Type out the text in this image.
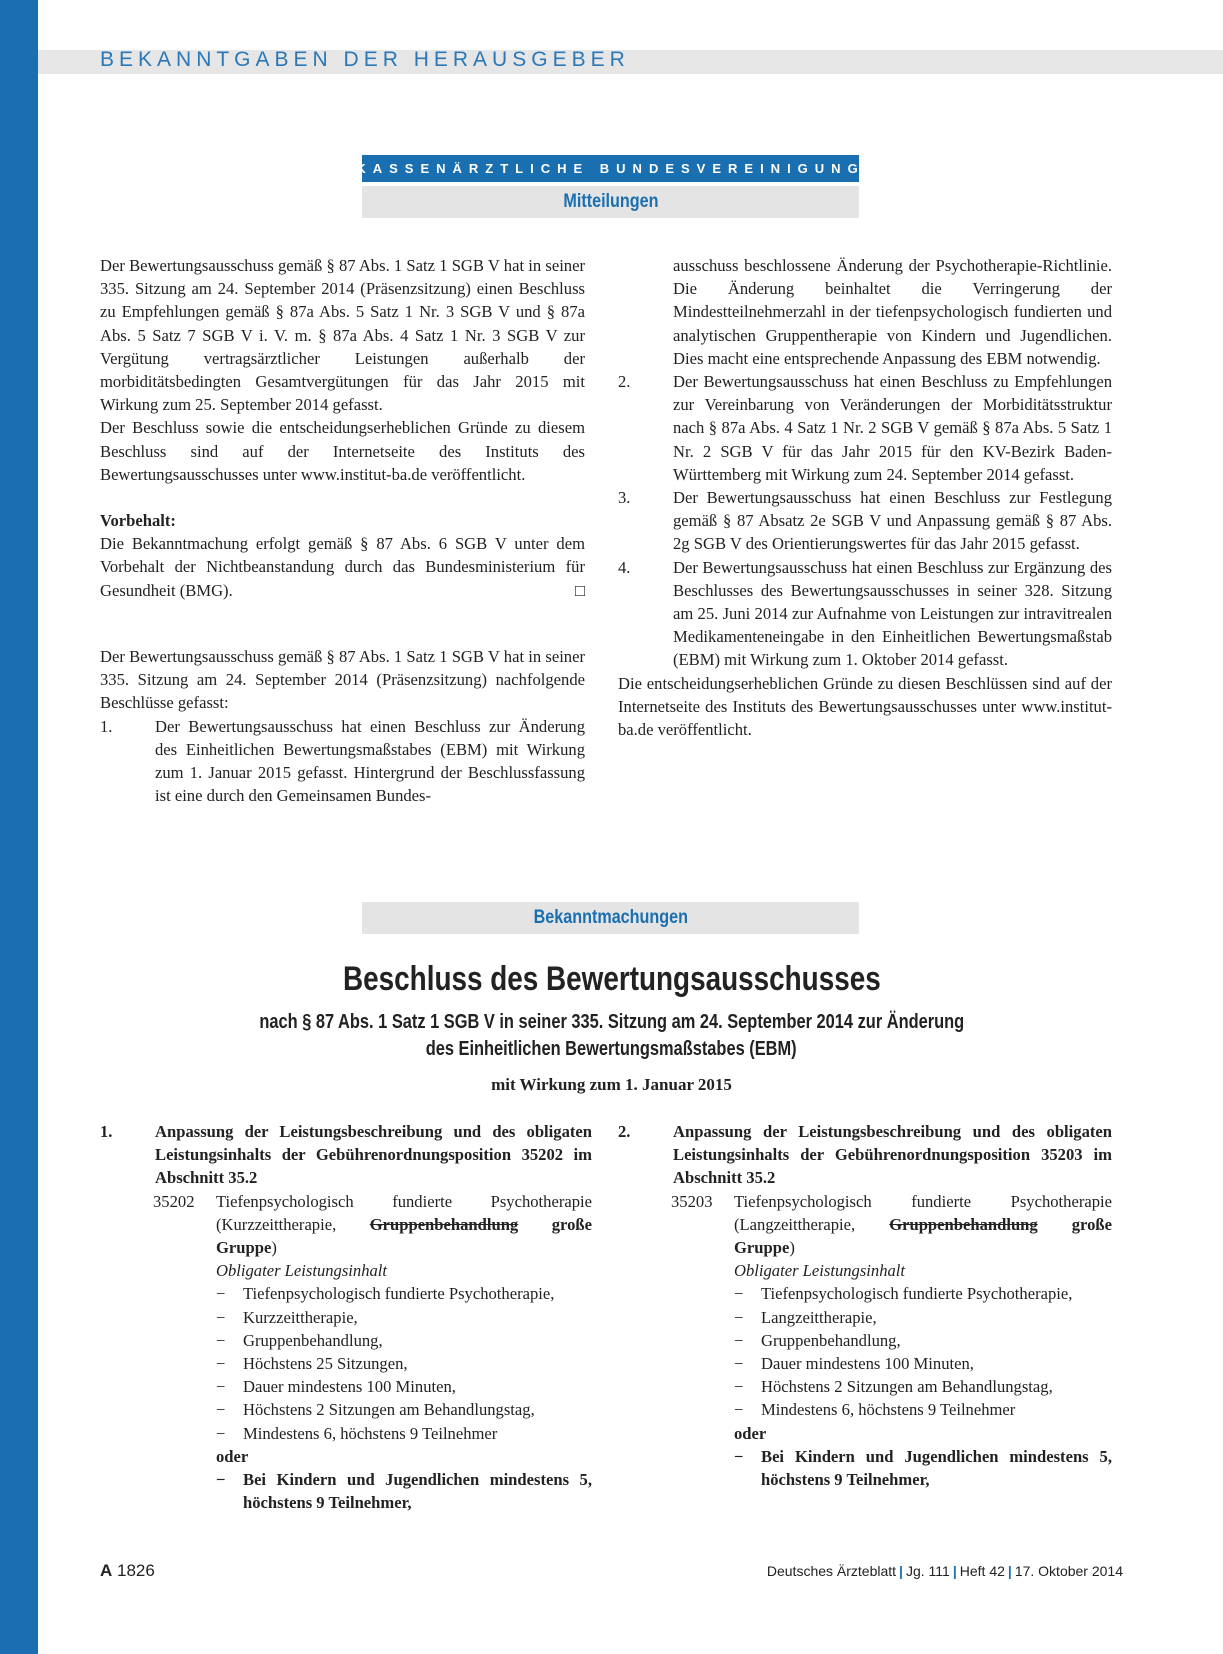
BEKANNTGABEN DER HERAUSGEBER
KASSENÄRZTLICHE BUNDESVEREINIGUNG
Mitteilungen

Der Bewertungsausschuss gemäß § 87 Abs. 1 Satz 1 SGB V hat in seiner 335. Sitzung am 24. September 2014 (Präsenzsitzung) einen Beschluss zu Empfehlungen gemäß § 87a Abs. 5 Satz 1 Nr. 3 SGB V und § 87a Abs. 5 Satz 7 SGB V i. V. m. § 87a Abs. 4 Satz 1 Nr. 3 SGB V zur Vergütung vertragsärztlicher Leistungen außerhalb der morbiditätsbedingten Gesamtvergütungen für das Jahr 2015 mit Wirkung zum 25. September 2014 gefasst.

Der Beschluss sowie die entscheidungserheblichen Gründe zu diesem Beschluss sind auf der Internetseite des Instituts des Bewertungsausschusses unter www.institut-ba.de veröffentlicht.

Vorbehalt:

Die Bekanntmachung erfolgt gemäß § 87 Abs. 6 SGB V unter dem Vorbehalt der Nichtbeanstandung durch das Bundesministerium für Gesundheit (BMG).	□

Der Bewertungsausschuss gemäß § 87 Abs. 1 Satz 1 SGB V hat in seiner 335. Sitzung am 24. September 2014 (Präsenzsitzung) nachfolgende Beschlüsse gefasst:

1.	Der Bewertungsausschuss hat einen Beschluss zur Änderung des Einheitlichen Bewertungsmaßstabes (EBM) mit Wirkung zum 1. Januar 2015 gefasst. Hintergrund der Beschlussfassung ist eine durch den Gemeinsamen Bundes-
ausschuss beschlossene Änderung der Psychotherapie-Richtlinie. Die Änderung beinhaltet die Verringerung der Mindestteilnehmerzahl in der tiefenpsychologisch fundierten und analytischen Gruppentherapie von Kindern und Jugendlichen. Dies macht eine entsprechende Anpassung des EBM notwendig.
2.	Der Bewertungsausschuss hat einen Beschluss zu Empfehlungen zur Vereinbarung von Veränderungen der Morbiditätsstruktur nach § 87a Abs. 4 Satz 1 Nr. 2 SGB V gemäß § 87a Abs. 5 Satz 1 Nr. 2 SGB V für das Jahr 2015 für den KV-Bezirk Baden-Württemberg mit Wirkung zum 24. September 2014 gefasst.
3.	Der Bewertungsausschuss hat einen Beschluss zur Festlegung gemäß § 87 Absatz 2e SGB V und Anpassung gemäß § 87 Abs. 2g SGB V des Orientierungswertes für das Jahr 2015 gefasst.
4.	Der Bewertungsausschuss hat einen Beschluss zur Ergänzung des Beschlusses des Bewertungsausschusses in seiner 328. Sitzung am 25. Juni 2014 zur Aufnahme von Leistungen zur intravitrealen Medikamenteneingabe in den Einheitlichen Bewertungsmaßstab (EBM) mit Wirkung zum 1. Oktober 2014 gefasst.

Die entscheidungserheblichen Gründe zu diesen Beschlüssen sind auf der Internetseite des Instituts des Bewertungsausschusses unter www.institut-ba.de veröffentlicht.

Bekanntmachungen
Beschluss des Bewertungsausschusses
nach § 87 Abs. 1 Satz 1 SGB V in seiner 335. Sitzung am 24. September 2014 zur Änderung
des Einheitlichen Bewertungsmaßstabes (EBM)
mit Wirkung zum 1. Januar 2015
1.	Anpassung der Leistungsbeschreibung und des obligaten Leistungsinhalts der Gebührenordnungsposition 35202 im Abschnitt 35.2
35202 Tiefenpsychologisch fundierte Psychotherapie (Kurzzeittherapie, Gruppenbehandlung große Gruppe)
Obligater Leistungsinhalt
− Tiefenpsychologisch fundierte Psychotherapie,
− Kurzzeittherapie,
− Gruppenbehandlung,
− Höchstens 25 Sitzungen,
− Dauer mindestens 100 Minuten,
− Höchstens 2 Sitzungen am Behandlungstag,
− Mindestens 6, höchstens 9 Teilnehmer
oder
− Bei Kindern und Jugendlichen mindestens 5, höchstens 9 Teilnehmer,
2.	Anpassung der Leistungsbeschreibung und des obligaten Leistungsinhalts der Gebührenordnungsposition 35203 im Abschnitt 35.2
35203 Tiefenpsychologisch fundierte Psychotherapie (Langzeittherapie, Gruppenbehandlung große Gruppe)
Obligater Leistungsinhalt
− Tiefenpsychologisch fundierte Psychotherapie,
− Langzeittherapie,
− Gruppenbehandlung,
− Dauer mindestens 100 Minuten,
− Höchstens 2 Sitzungen am Behandlungstag,
− Mindestens 6, höchstens 9 Teilnehmer
oder
− Bei Kindern und Jugendlichen mindestens 5, höchstens 9 Teilnehmer,
A 1826	Deutsches Ärzteblatt | Jg. 111 | Heft 42 | 17. Oktober 2014
